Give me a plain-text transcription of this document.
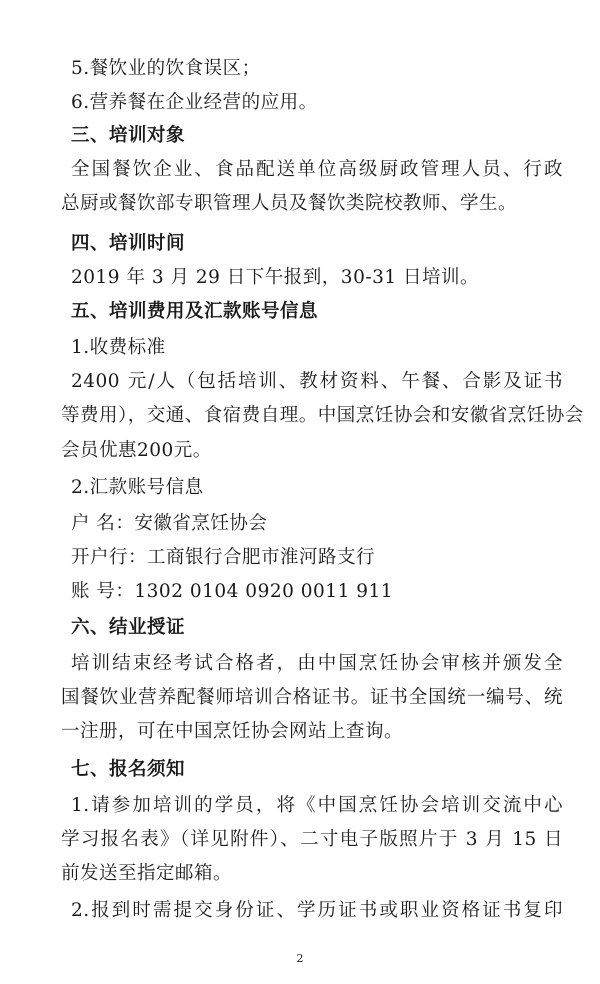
5.餐饮业的饮食误区；
6.营养餐在企业经营的应用。
三、培训对象
全国餐饮企业、食品配送单位高级厨政管理人员、行政
总厨或餐饮部专职管理人员及餐饮类院校教师、学生。
四、培训时间
2019 年 3 月 29 日下午报到，30-31 日培训。
五、培训费用及汇款账号信息
1.收费标准
2400 元/人（包括培训、教材资料、午餐、合影及证书
等费用），交通、食宿费自理。中国烹饪协会和安徽省烹饪协会
会员优惠200元。
2.汇款账号信息
户 名：安徽省烹饪协会
开户行：工商银行合肥市淮河路支行
账 号：1302 0104 0920 0011 911
六、结业授证
培训结束经考试合格者，由中国烹饪协会审核并颁发全
国餐饮业营养配餐师培训合格证书。证书全国统一编号、统
一注册，可在中国烹饪协会网站上查询。
七、报名须知
1.请参加培训的学员，将《中国烹饪协会培训交流中心
学习报名表》（详见附件）、二寸电子版照片于 3 月 15 日
前发送至指定邮箱。
2.报到时需提交身份证、学历证书或职业资格证书复印
2
